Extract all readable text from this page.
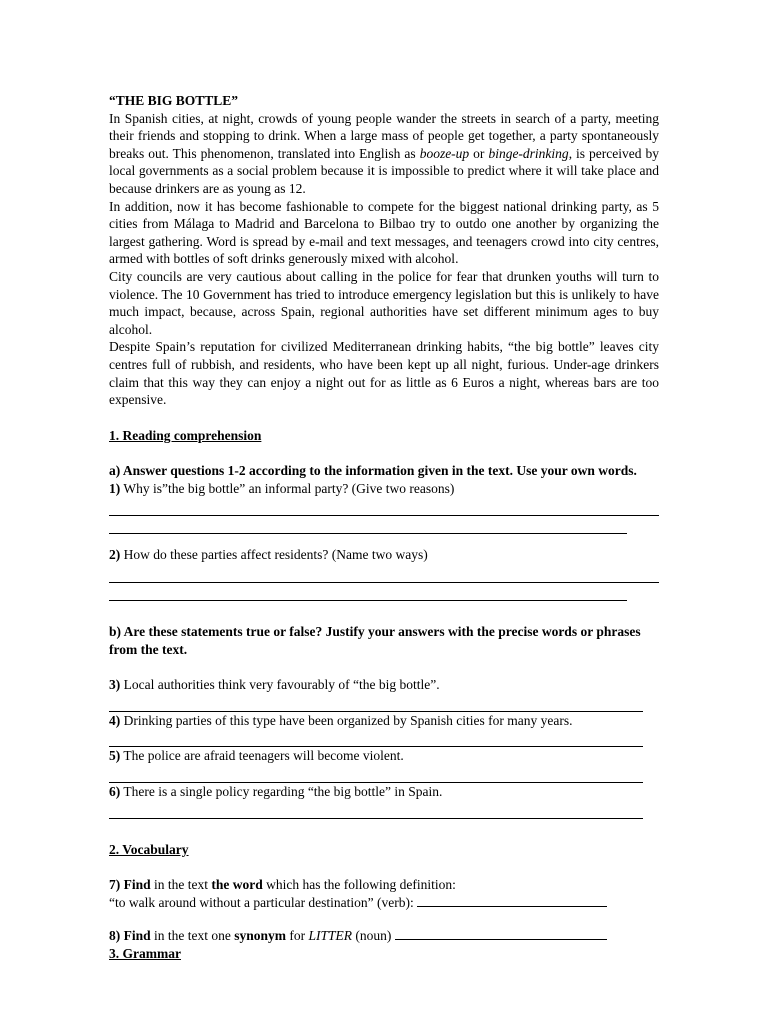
“THE BIG BOTTLE”

In Spanish cities, at night, crowds of young people wander the streets in search of a party, meeting their friends and stopping to drink. When a large mass of people get together, a party spontaneously breaks out. This phenomenon, translated into English as booze-up or binge-drinking, is perceived by local governments as a social problem because it is impossible to predict where it will take place and because drinkers are as young as 12.

In addition, now it has become fashionable to compete for the biggest national drinking party, as 5 cities from Málaga to Madrid and Barcelona to Bilbao try to outdo one another by organizing the largest gathering. Word is spread by e-mail and text messages, and teenagers crowd into city centres, armed with bottles of soft drinks generously mixed with alcohol.

City councils are very cautious about calling in the police for fear that drunken youths will turn to violence. The 10 Government has tried to introduce emergency legislation but this is unlikely to have much impact, because, across Spain, regional authorities have set different minimum ages to buy alcohol.

Despite Spain’s reputation for civilized Mediterranean drinking habits, “the big bottle” leaves city centres full of rubbish, and residents, who have been kept up all night, furious. Under-age drinkers claim that this way they can enjoy a night out for as little as 6 Euros a night, whereas bars are too expensive.

1. Reading comprehension

a) Answer questions 1-2 according to the information given in the text. Use your own words.

1) Why is”the big bottle” an informal party? (Give two reasons)

2) How do these parties affect residents? (Name two ways)

b) Are these statements true or false? Justify your answers with the precise words or phrases from the text.

3) Local authorities think very favourably of “the big bottle”.

4) Drinking parties of this type have been organized by Spanish cities for many years.

5) The police are afraid teenagers will become violent.

6) There is a single policy regarding “the big bottle” in Spain.

2. Vocabulary

7) Find in the text the word which has the following definition:

“to walk around without a particular destination” (verb):

8) Find in the text one synonym for LITTER (noun)

3. Grammar
